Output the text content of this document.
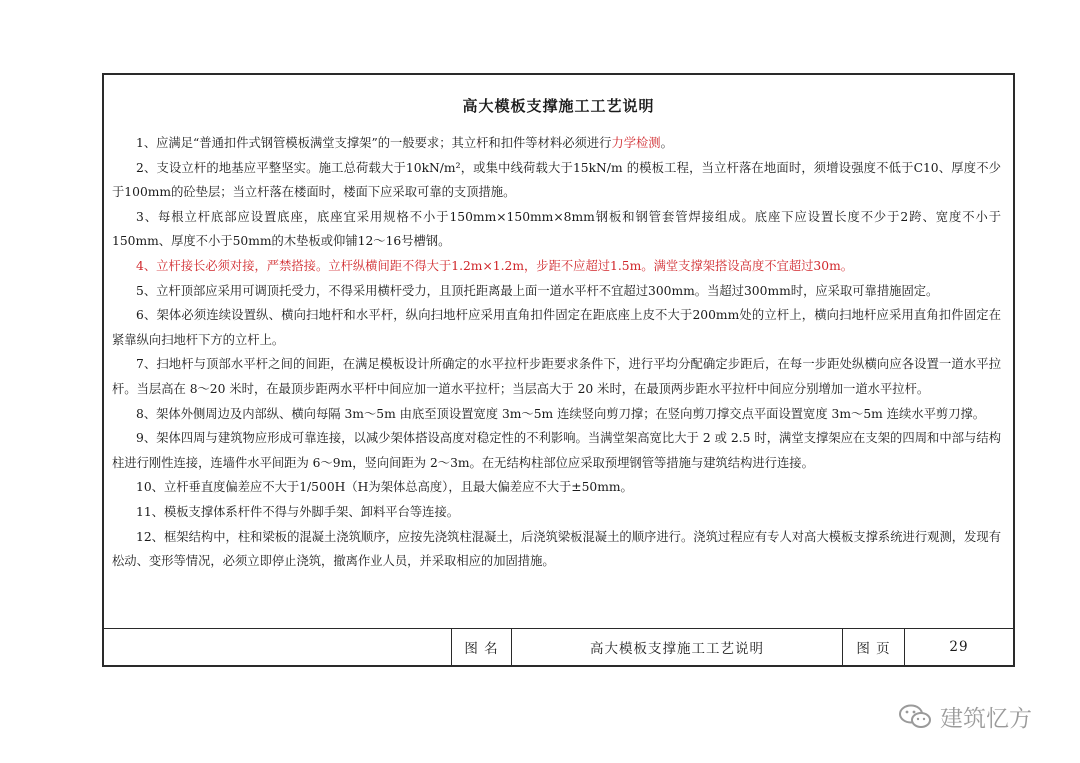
高大模板支撑施工工艺说明

1、应满足“普通扣件式钢管模板满堂支撑架”的一般要求；其立杆和扣件等材料必须进行力学检测。

2、支设立杆的地基应平整坚实。施工总荷载大于10kN/m²，或集中线荷载大于15kN/m 的模板工程，当立杆落在地面时，须增设强度不低于C10、厚度不少于100mm的砼垫层；当立杆落在楼面时，楼面下应采取可靠的支顶措施。

3、每根立杆底部应设置底座，底座宜采用规格不小于150mm×150mm×8mm钢板和钢管套管焊接组成。底座下应设置长度不少于2跨、宽度不小于150mm、厚度不小于50mm的木垫板或仰铺12～16号槽钢。

4、立杆接长必须对接，严禁搭接。立杆纵横间距不得大于1.2m×1.2m，步距不应超过1.5m。满堂支撑架搭设高度不宜超过30m。

5、立杆顶部应采用可调顶托受力，不得采用横杆受力，且顶托距离最上面一道水平杆不宜超过300mm。当超过300mm时，应采取可靠措施固定。

6、架体必须连续设置纵、横向扫地杆和水平杆，纵向扫地杆应采用直角扣件固定在距底座上皮不大于200mm处的立杆上，横向扫地杆应采用直角扣件固定在紧靠纵向扫地杆下方的立杆上。

7、扫地杆与顶部水平杆之间的间距，在满足模板设计所确定的水平拉杆步距要求条件下，进行平均分配确定步距后，在每一步距处纵横向应各设置一道水平拉杆。当层高在 8～20 米时，在最顶步距两水平杆中间应加一道水平拉杆；当层高大于 20 米时，在最顶两步距水平拉杆中间应分别增加一道水平拉杆。

8、架体外侧周边及内部纵、横向每隔 3m～5m 由底至顶设置宽度 3m～5m 连续竖向剪刀撑；在竖向剪刀撑交点平面设置宽度 3m～5m 连续水平剪刀撑。

9、架体四周与建筑物应形成可靠连接，以减少架体搭设高度对稳定性的不利影响。当满堂架高宽比大于 2 或 2.5 时，满堂支撑架应在支架的四周和中部与结构柱进行刚性连接，连墙件水平间距为 6～9m，竖向间距为 2～3m。在无结构柱部位应采取预埋钢管等措施与建筑结构进行连接。

10、立杆垂直度偏差应不大于1/500H（H为架体总高度），且最大偏差应不大于±50mm。

11、模板支撑体系杆件不得与外脚手架、卸料平台等连接。

12、框架结构中，柱和梁板的混凝土浇筑顺序，应按先浇筑柱混凝土，后浇筑梁板混凝土的顺序进行。浇筑过程应有专人对高大模板支撑系统进行观测，发现有松动、变形等情况，必须立即停止浇筑，撤离作业人员，并采取相应的加固措施。

图 名	高大模板支撑施工工艺说明	图 页	29
建筑忆方
